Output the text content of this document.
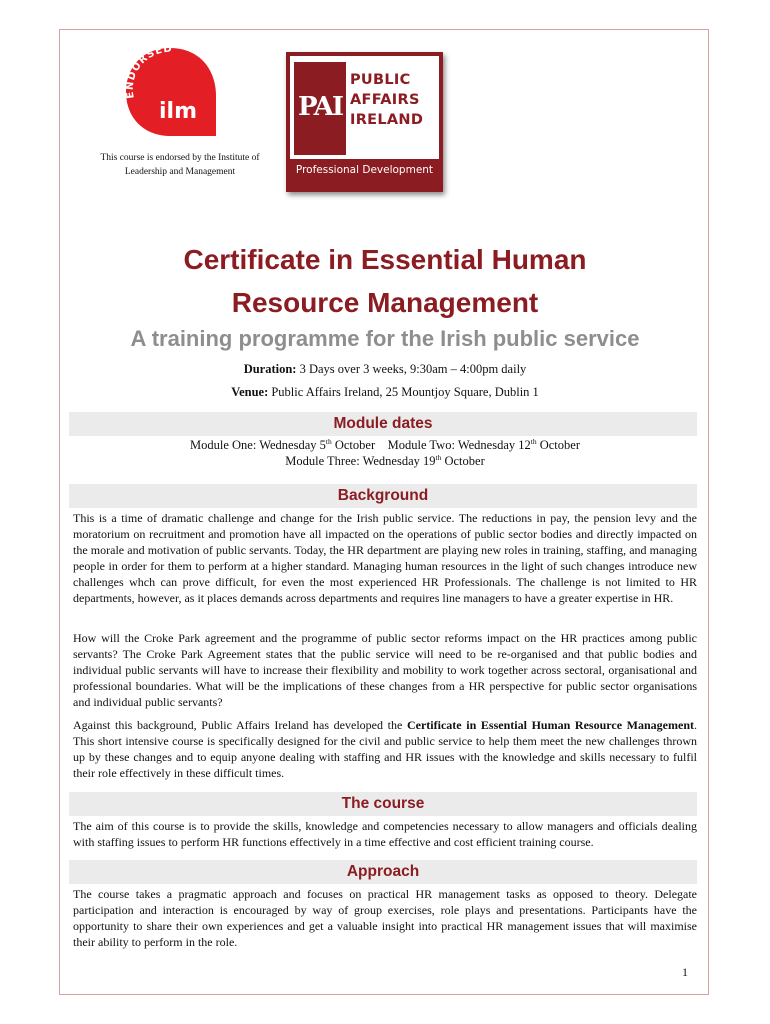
ENDORSED
ilm
This course is endorsed by the Institute of Leadership and Management
PAI
PUBLIC
AFFAIRS
IRELAND
Professional Development
Certificate in Essential Human
Resource Management
A training programme for the Irish public service
Duration: 3 Days over 3 weeks, 9:30am – 4:00pm daily
Venue: Public Affairs Ireland, 25 Mountjoy Square, Dublin 1
Module dates
Module One: Wednesday 5th October Module Two: Wednesday 12th October
Module Three: Wednesday 19th October
Background

This is a time of dramatic challenge and change for the Irish public service. The reductions in pay, the pension levy and the moratorium on recruitment and promotion have all impacted on the operations of public sector bodies and directly impacted on the morale and motivation of public servants. Today, the HR department are playing new roles in training, staffing, and managing people in order for them to perform at a higher standard. Managing human resources in the light of such changes introduce new challenges whch can prove difficult, for even the most experienced HR Professionals. The challenge is not limited to HR departments, however, as it places demands across departments and requires line managers to have a greater expertise in HR.

How will the Croke Park agreement and the programme of public sector reforms impact on the HR practices among public servants? The Croke Park Agreement states that the public service will need to be re-organised and that public bodies and individual public servants will have to increase their flexibility and mobility to work together across sectoral, organisational and professional boundaries. What will be the implications of these changes from a HR perspective for public sector organisations and individual public servants?

Against this background, Public Affairs Ireland has developed the Certificate in Essential Human Resource Management. This short intensive course is specifically designed for the civil and public service to help them meet the new challenges thrown up by these changes and to equip anyone dealing with staffing and HR issues with the knowledge and skills necessary to fulfil their role effectively in these difficult times.

The course

The aim of this course is to provide the skills, knowledge and competencies necessary to allow managers and officials dealing with staffing issues to perform HR functions effectively in a time effective and cost efficient training course.

Approach

The course takes a pragmatic approach and focuses on practical HR management tasks as opposed to theory. Delegate participation and interaction is encouraged by way of group exercises, role plays and presentations. Participants have the opportunity to share their own experiences and get a valuable insight into practical HR management issues that will maximise their ability to perform in the role.

1
